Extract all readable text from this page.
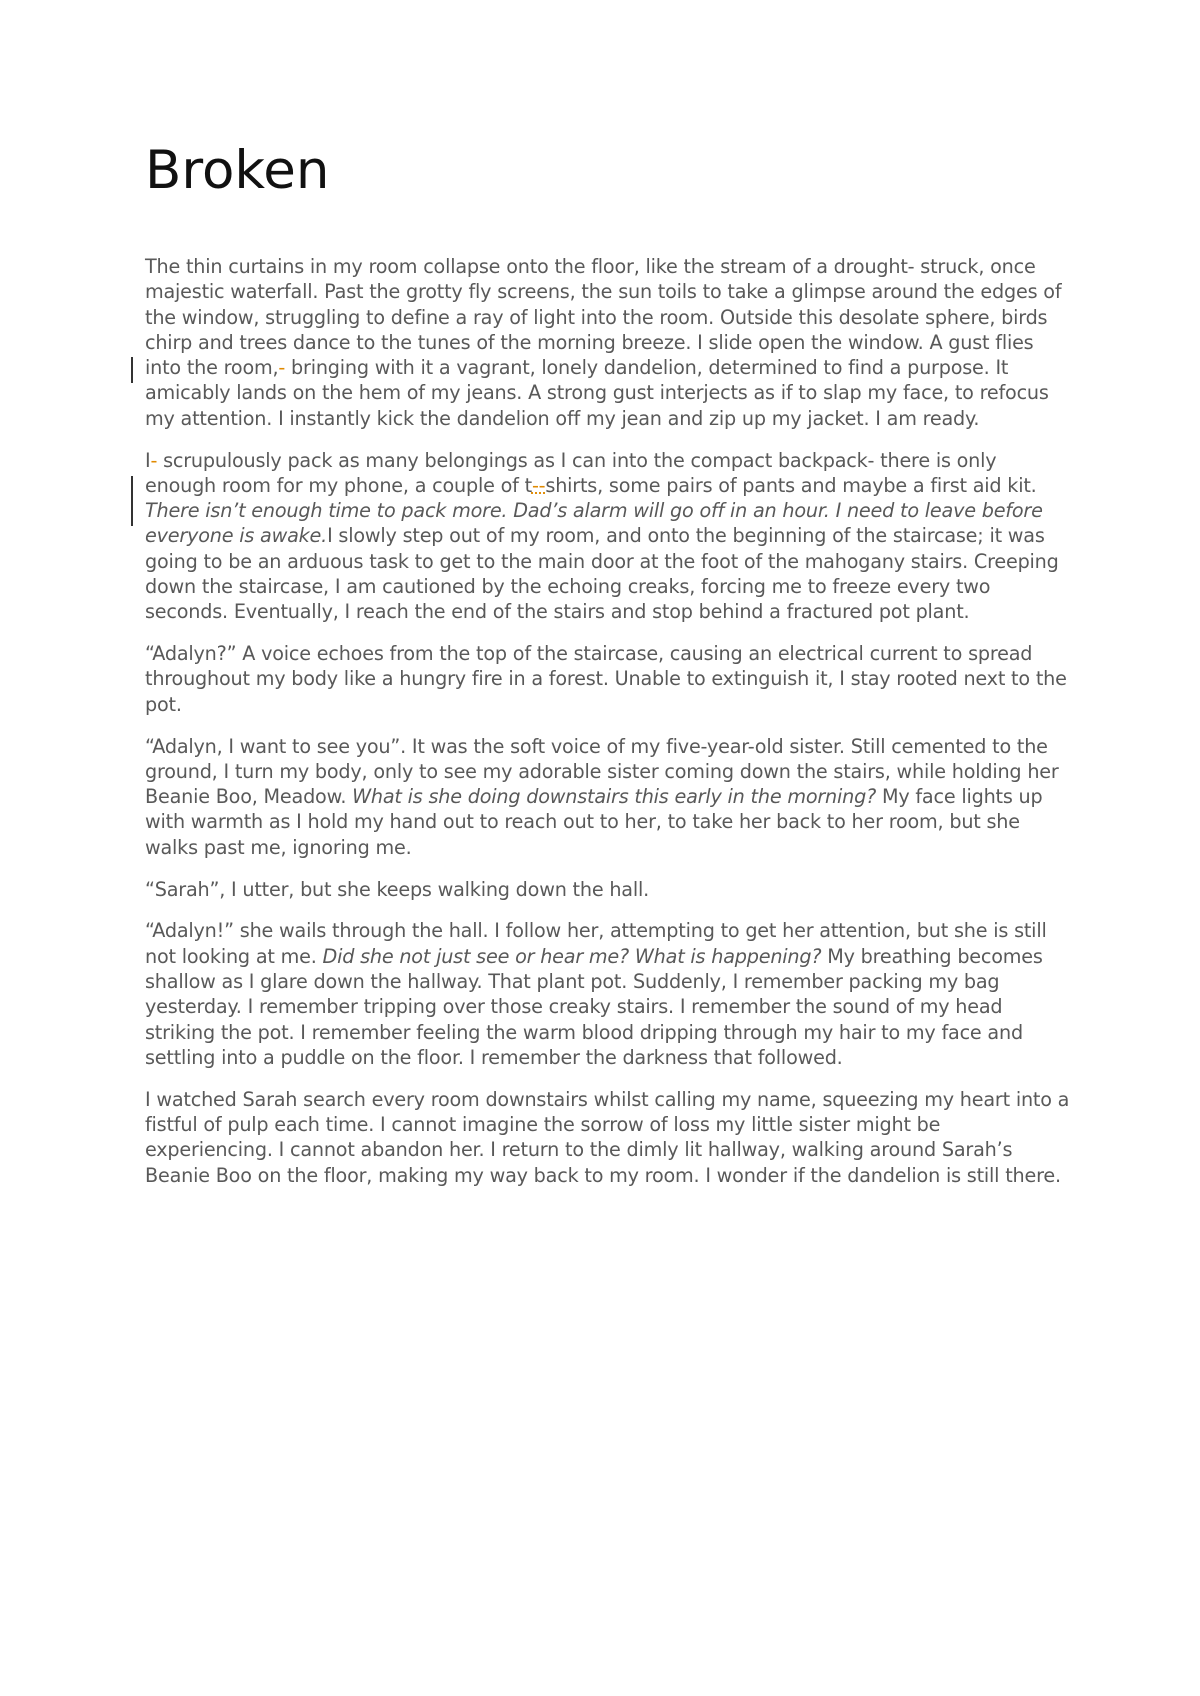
Broken

The thin curtains in my room collapse onto the floor, like the stream of a drought- struck, once majestic waterfall. Past the grotty fly screens, the sun toils to take a glimpse around the edges of the window, struggling to define a ray of light into the room. Outside this desolate sphere, birds chirp and trees dance to the tunes of the morning breeze. I slide open the window. A gust flies into the room,- bringing with it a vagrant, lonely dandelion, determined to find a purpose. It amicably lands on the hem of my jeans. A strong gust interjects as if to slap my face, to refocus my attention. I instantly kick the dandelion off my jean and zip up my jacket. I am ready.

I- scrupulously pack as many belongings as I can into the compact backpack- there is only enough room for my phone, a couple of t--shirts, some pairs of pants and maybe a first aid kit. There isn’t enough time to pack more. Dad’s alarm will go off in an hour. I need to leave before everyone is awake.I slowly step out of my room, and onto the beginning of the staircase; it was going to be an arduous task to get to the main door at the foot of the mahogany stairs. Creeping down the staircase, I am cautioned by the echoing creaks, forcing me to freeze every two seconds. Eventually, I reach the end of the stairs and stop behind a fractured pot plant.

“Adalyn?” A voice echoes from the top of the staircase, causing an electrical current to spread throughout my body like a hungry fire in a forest. Unable to extinguish it, I stay rooted next to the pot.

“Adalyn, I want to see you”. It was the soft voice of my five-year-old sister. Still cemented to the ground, I turn my body, only to see my adorable sister coming down the stairs, while holding her Beanie Boo, Meadow. What is she doing downstairs this early in the morning? My face lights up with warmth as I hold my hand out to reach out to her, to take her back to her room, but she walks past me, ignoring me.

“Sarah”, I utter, but she keeps walking down the hall.

“Adalyn!” she wails through the hall. I follow her, attempting to get her attention, but she is still not looking at me. Did she not just see or hear me? What is happening? My breathing becomes shallow as I glare down the hallway. That plant pot. Suddenly, I remember packing my bag yesterday. I remember tripping over those creaky stairs. I remember the sound of my head striking the pot. I remember feeling the warm blood dripping through my hair to my face and settling into a puddle on the floor. I remember the darkness that followed.

I watched Sarah search every room downstairs whilst calling my name, squeezing my heart into a fistful of pulp each time. I cannot imagine the sorrow of loss my little sister might be experiencing. I cannot abandon her. I return to the dimly lit hallway, walking around Sarah’s Beanie Boo on the floor, making my way back to my room. I wonder if the dandelion is still there.
